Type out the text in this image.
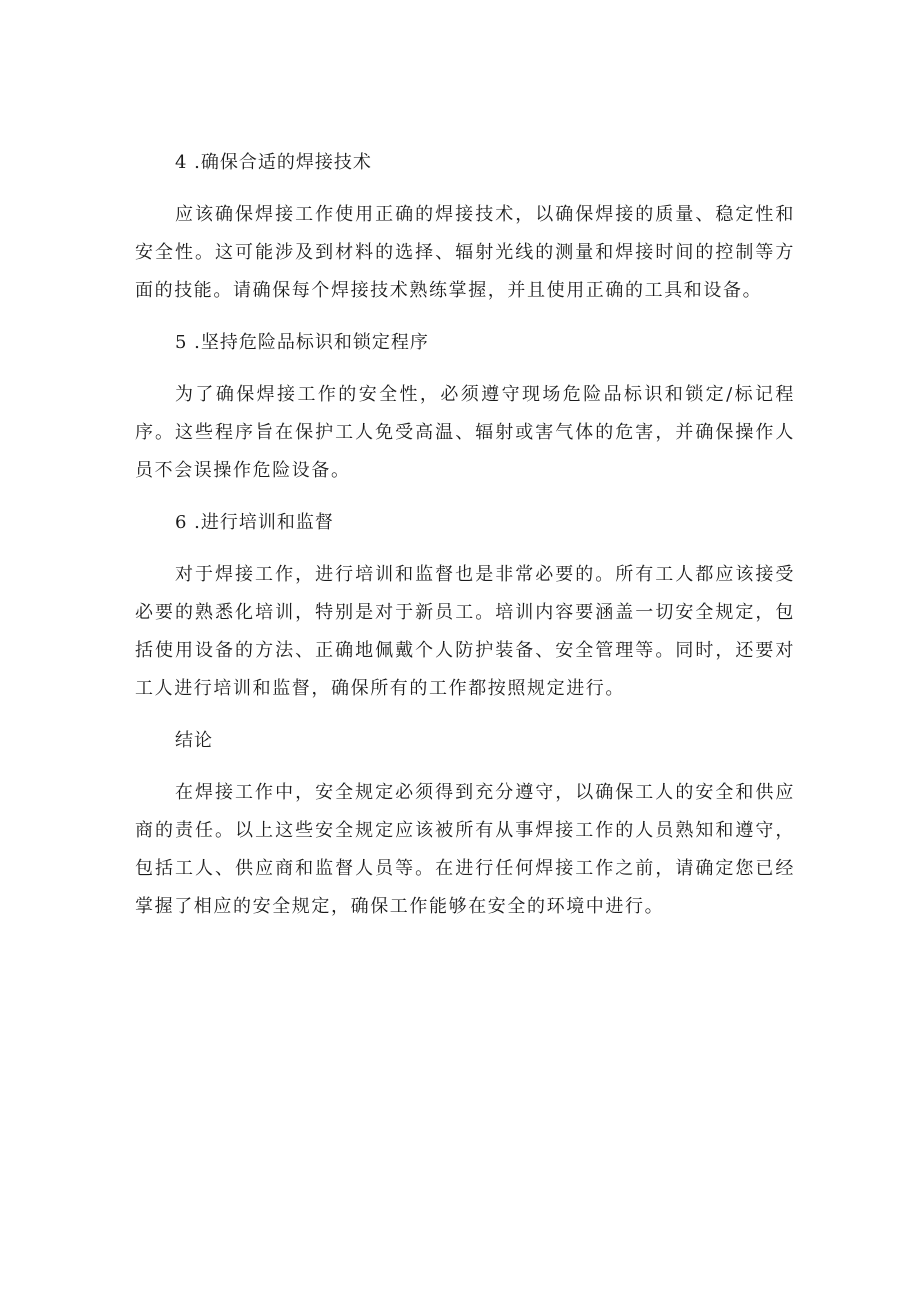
4 .确保合适的焊接技术
应该确保焊接工作使用正确的焊接技术，以确保焊接的质量、稳定性和安全性。这可能涉及到材料的选择、辐射光线的测量和焊接时间的控制等方面的技能。请确保每个焊接技术熟练掌握，并且使用正确的工具和设备。
5 .坚持危险品标识和锁定程序
为了确保焊接工作的安全性，必须遵守现场危险品标识和锁定/标记程序。这些程序旨在保护工人免受高温、辐射或害气体的危害，并确保操作人员不会误操作危险设备。
6 .进行培训和监督
对于焊接工作，进行培训和监督也是非常必要的。所有工人都应该接受必要的熟悉化培训，特别是对于新员工。培训内容要涵盖一切安全规定，包括使用设备的方法、正确地佩戴个人防护装备、安全管理等。同时，还要对工人进行培训和监督，确保所有的工作都按照规定进行。
结论
在焊接工作中，安全规定必须得到充分遵守，以确保工人的安全和供应商的责任。以上这些安全规定应该被所有从事焊接工作的人员熟知和遵守，包括工人、供应商和监督人员等。在进行任何焊接工作之前，请确定您已经掌握了相应的安全规定，确保工作能够在安全的环境中进行。
